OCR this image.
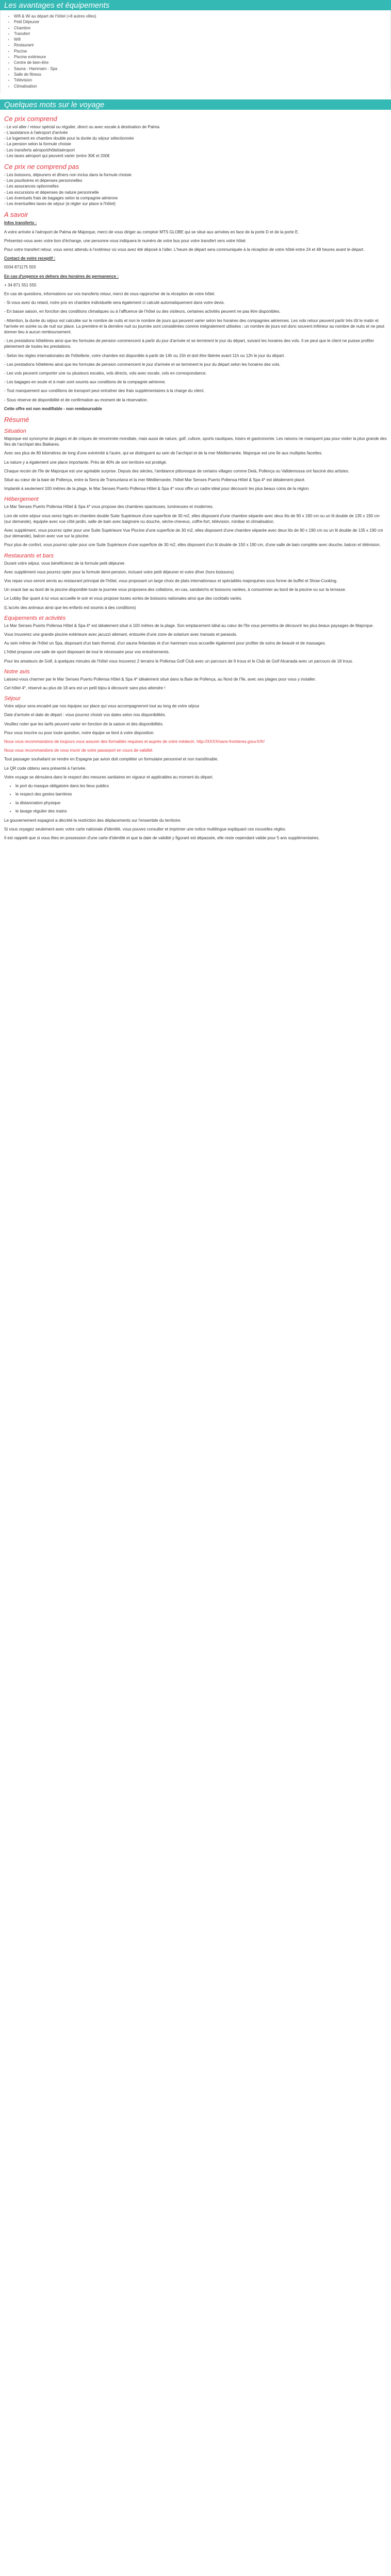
Les avantages et équipements
• Wifi & Wi au départ de l'hôtel (+8 autres villes)
• Petit Déjeuner
• Chambre
• Transfert
• Wifi
• Restaurant
• Piscine
• Piscine extérieure
• Centre de bien-être
• Sauna - Hammam - Spa
• Salle de fitness
• Télévision
• Climatisation
Quelques mots sur le voyage
Ce prix comprend
- Le vol aller / retour spécial ou régulier, direct ou avec escale à destination de Palma
- L'assistance à l'aéroport d'arrivée
- Le logement en chambre double pour la durée du séjour sélectionnée
- La pension selon la formule choisie
- Les transferts aéroport/hôtel/aéroport
- Les taxes aéroport qui peuvent varier (entre 30€ et 200€
Ce prix ne comprend pas
- Les boissons, déjeuners et dîners non inclus dans la formule choisie
- Les pourboires et dépenses personnelles
- Les assurances optionnelles
- Les excursions et dépenses de nature personnelle
- Les éventuels frais de bagages selon la compagnie aérienne
- Les éventuelles taxes de séjour (à régler sur place à l'hôtel)
A savoir

Infos transferts :

A votre arrivée à l'aéroport de Palma de Majorque, merci de vous diriger au comptoir MTS GLOBE qui se situe aux arrivées en face de la porte D et de la porte E.

Présentez-vous avec votre bon d'échange, une personne vous indiquera le numéro de votre bus pour votre transfert vers votre hôtel.

Pour votre transfert retour, vous serez attendu à l'extérieur où vous avez été déposé à l'aller. L'heure de départ sera communiquée à la réception de votre hôtel entre 24 et 48 heures avant le départ.

Contact de votre receptif :

0034 871175 555

En cas d'urgence en dehors des horaires de permanence :

+ 34 871 551 555

En cas de questions, informations sur vos transferts retour, merci de vous rapprocher de la réception de votre hôtel.

- Si vous avez du retard, notre prix en chambre individuelle sera également ci calculé automatiquement dans votre devis.

- En basse saison, en fonction des conditions climatiques ou à l'affluence de l'hôtel ou des visiteurs, certaines activités peuvent ne pas être disponibles.

- Attention, la durée du séjour est calculée sur le nombre de nuits et non le nombre de jours qui peuvent varier selon les horaires des compagnies aériennes. Les vols retour peuvent partir très tôt le matin et l'arrivée en soirée ou de nuit sur place. La première et la dernière nuit ou journée sont considérées comme intégralement utilisées ; un nombre de jours est donc souvent inférieur au nombre de nuits et ne peut donner lieu à aucun remboursement.

- Les prestations hôtelières ainsi que les formules de pension commencent à partir du jour d'arrivée et se terminent le jour du départ, suivant les horaires des vols. Il se peut que le client ne puisse profiter pleinement de toutes les prestations.

- Selon les règles internationales de l'hôtellerie, votre chambre est disponible à partir de 14h ou 15h et doit être libérée avant 11h ou 12h le jour du départ.

- Les prestations hôtelières ainsi que les formules de pension commencent le jour d'arrivée et se terminent le jour du départ selon les horaires des vols.

- Les vols peuvent comporter une ou plusieurs escales, vols directs, vols avec escale, vols en correspondance.

- Les bagages en soute et à main sont soumis aux conditions de la compagnie aérienne.

- Tout manquement aux conditions de transport peut entraîner des frais supplémentaires à la charge du client.

- Sous réserve de disponibilité et de confirmation au moment de la réservation.

Cette offre est non modifiable - non remboursable

Résumé
Situation

Majorque est synonyme de plages et de criques de renommée mondiale, mais aussi de nature, golf, culture, sports nautiques, loisirs et gastronomie. Les raisons ne manquent pas pour visiter la plus grande des îles de l'archipel des Baléares.

Avec ses plus de 80 kilomètres de long d'une extrémité à l'autre, qui se distinguent au sein de l'archipel et de la mer Méditerranée, Majorque est une île aux multiples facettes.

La nature y a également une place importante. Près de 40% de son territoire est protégé.

Chaque recoin de l'île de Majorque est une agréable surprise. Depuis des siècles, l'ambiance pittoresque de certains villages comme Deià, Pollença ou Valldemossa ont fasciné des artistes.

Situé au cœur de la baie de Pollença, entre la Serra de Tramuntana et la mer Méditerranée, l'hôtel Mar Senses Puerto Pollensa Hôtel & Spa 4* est idéalement placé.

Implanté à seulement 100 mètres de la plage, le Mar Senses Puerto Pollensa Hôtel & Spa 4* vous offre un cadre idéal pour découvrir les plus beaux coins de la région.

Hébergement

Le Mar Senses Puerto Pollensa Hôtel & Spa 4* vous propose des chambres spacieuses, lumineuses et modernes.

Lors de votre séjour vous serez logés en chambre double Suite Supérieure d'une superficie de 30 m2, elles disposent d'une chambre séparée avec deux lits de 90 x 190 cm ou un lit double de 135 x 190 cm (sur demande), équipée avec vue côté jardin, salle de bain avec baignoire ou douche, sèche-cheveux, coffre-fort, télévision, minibar et climatisation.

Avec supplément, vous pourrez opter pour une Suite Supérieure Vue Piscine d'une superficie de 30 m2, elles disposent d'une chambre séparée avec deux lits de 90 x 190 cm ou un lit double de 135 x 190 cm (sur demande), balcon avec vue sur la piscine.

Pour plus de confort, vous pourrez opter pour une Suite Supérieure d'une superficie de 30 m2, elles disposent d'un lit double de 150 x 190 cm, d'une salle de bain complète avec douche, balcon et télévision.

Restaurants et bars

Durant votre séjour, vous bénéficierez de la formule petit déjeuner.

Avec supplément vous pourrez opter pour la formule demi-pension, incluant votre petit déjeuner et votre dîner (hors boissons).

Vos repas vous seront servis au restaurant principal de l'hôtel, vous proposant un large choix de plats internationaux et spécialités majorquines sous forme de buffet et Show-Cooking.

Un snack bar au bord de la piscine disponible toute la journée vous proposera des collations, en-cas, sandwichs et boissons variées, à consommer au bord de la piscine ou sur la terrasse.

Le Lobby Bar quant à lui vous accueille le soir et vous propose toutes sortes de boissons nationales ainsi que des cocktails variés.

(L'accès des animaux ainsi que les enfants est soumis à des conditions)

Equipements et activités

Le Mar Senses Puerto Pollensa Hôtel & Spa 4* est idéalement situé à 100 mètres de la plage. Son emplacement idéal au cœur de l'île vous permettra de découvrir les plus beaux paysages de Majorque.

Vous trouverez une grande piscine extérieure avec jacuzzi attenant, entourée d'une zone de solarium avec transats et parasols.

Au sein même de l'hôtel un Spa, disposant d'un bain thermal, d'un sauna finlandais et d'un hammam vous accueille également pour profiter de soins de beauté et de massages.

L'hôtel propose une salle de sport disposant de tout le nécessaire pour vos entraînements.

Pour les amateurs de Golf, à quelques minutes de l'hôtel vous trouverez 2 terrains le Pollensa Golf Club avec un parcours de 9 trous et le Club de Golf Alcanada avec un parcours de 18 trous.

Notre avis

Laissez-vous charmer par le Mar Senses Puerto Pollensa Hôtel & Spa 4* idéalement situé dans la Baie de Pollença, au Nord de l'île, avec ses plages pour vous y installer.

Cet hôtel 4*, réservé au plus de 18 ans est un petit bijou à découvrir sans plus attendre !

Séjour

Votre séjour sera encadré par nos équipes sur place qui vous accompagneront tout au long de votre séjour.

Date d'arrivée et date de départ : vous pourrez choisir vos dates selon nos disponibilités.

Veuillez noter que les tarifs peuvent varier en fonction de la saison et des disponibilités.

Pour vous inscrire ou pour toute question, notre équipe se tient à votre disposition.

Nous vous recommandons de toujours vous assurer des formalités requises et auprès de votre médecin. http://XXXX/sans-frontieres.gouv.fr/fr/

Nous vous recommandons de vous munir de votre passeport en cours de validité.

Tout passager souhaitant se rendre en Espagne par avion doit compléter un formulaire personnel et non transférable.

Le QR code obtenu sera présenté à l'arrivée.

Votre voyage se déroulera dans le respect des mesures sanitaires en vigueur et applicables au moment du départ.

• le port du masque obligatoire dans les lieux publics
• le respect des gestes barrières
• la distanciation physique
• le lavage régulier des mains

Le gouvernement espagnol a décrété la restriction des déplacements sur l'ensemble du territoire.

Si vous voyagez seulement avec votre carte nationale d'identité, vous pouvez consulter et imprimer une notice multilingue expliquant ces nouvelles règles.

Il est rappelé que si vous êtes en possession d'une carte d'identité et que la date de validité y figurant est dépassée, elle reste cependant valide pour 5 ans supplémentaires.
